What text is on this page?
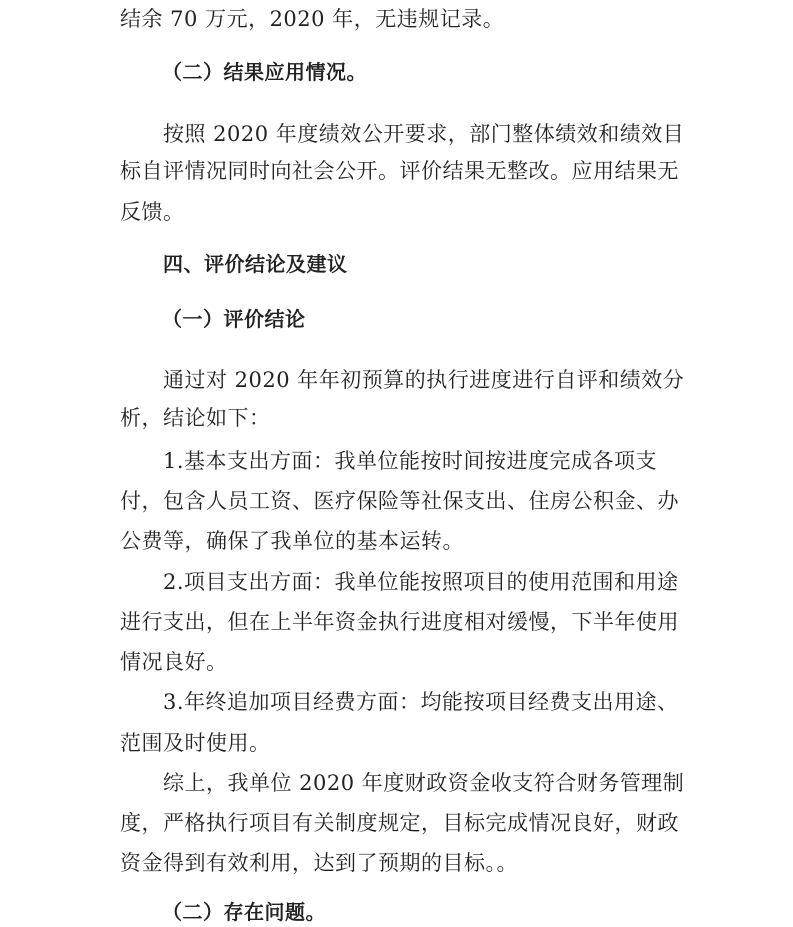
结余 70 万元，2020 年，无违规记录。
（二）结果应用情况。
按照 2020 年度绩效公开要求，部门整体绩效和绩效目
标自评情况同时向社会公开。评价结果无整改。应用结果无
反馈。
四、评价结论及建议
（一）评价结论
通过对 2020 年年初预算的执行进度进行自评和绩效分
析，结论如下：
1.基本支出方面：我单位能按时间按进度完成各项支
付，包含人员工资、医疗保险等社保支出、住房公积金、办
公费等，确保了我单位的基本运转。
2.项目支出方面：我单位能按照项目的使用范围和用途
进行支出，但在上半年资金执行进度相对缓慢，下半年使用
情况良好。
3.年终追加项目经费方面：均能按项目经费支出用途、
范围及时使用。
综上，我单位 2020 年度财政资金收支符合财务管理制
度，严格执行项目有关制度规定，目标完成情况良好，财政
资金得到有效利用，达到了预期的目标。。
（二）存在问题。
